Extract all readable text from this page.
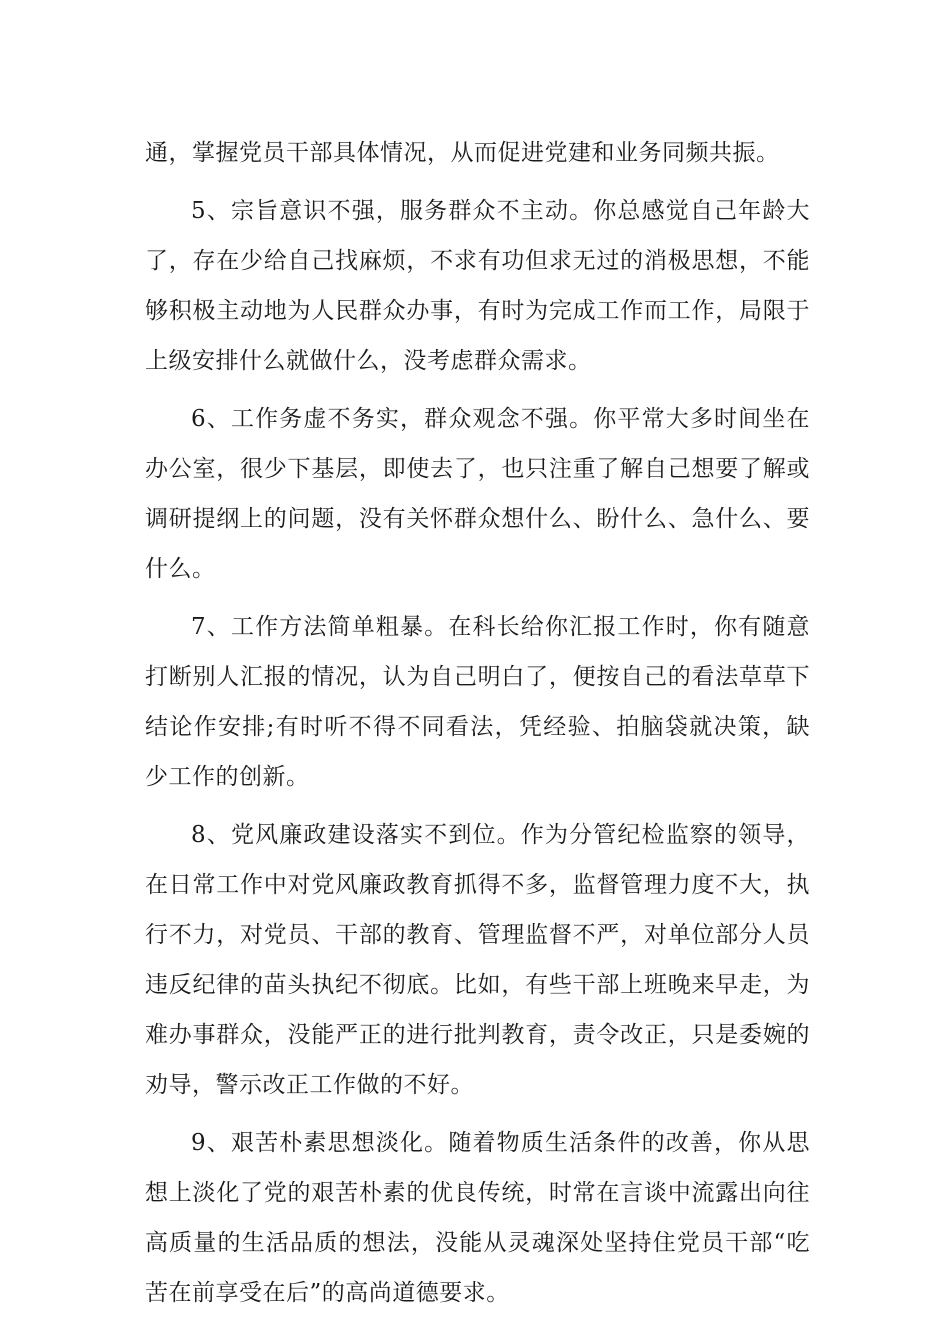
通，掌握党员干部具体情况，从而促进党建和业务同频共振。

5、宗旨意识不强，服务群众不主动。你总感觉自己年龄大了，存在少给自己找麻烦，不求有功但求无过的消极思想，不能够积极主动地为人民群众办事，有时为完成工作而工作，局限于上级安排什么就做什么，没考虑群众需求。

6、工作务虚不务实，群众观念不强。你平常大多时间坐在办公室，很少下基层，即使去了，也只注重了解自己想要了解或调研提纲上的问题，没有关怀群众想什么、盼什么、急什么、要什么。

7、工作方法简单粗暴。在科长给你汇报工作时，你有随意打断别人汇报的情况，认为自己明白了，便按自己的看法草草下结论作安排;有时听不得不同看法，凭经验、拍脑袋就决策，缺少工作的创新。

8、党风廉政建设落实不到位。作为分管纪检监察的领导，在日常工作中对党风廉政教育抓得不多，监督管理力度不大，执行不力，对党员、干部的教育、管理监督不严，对单位部分人员违反纪律的苗头执纪不彻底。比如，有些干部上班晚来早走，为难办事群众，没能严正的进行批判教育，责令改正，只是委婉的劝导，警示改正工作做的不好。

9、艰苦朴素思想淡化。随着物质生活条件的改善，你从思想上淡化了党的艰苦朴素的优良传统，时常在言谈中流露出向往高质量的生活品质的想法，没能从灵魂深处坚持住党员干部“吃苦在前享受在后”的高尚道德要求。
